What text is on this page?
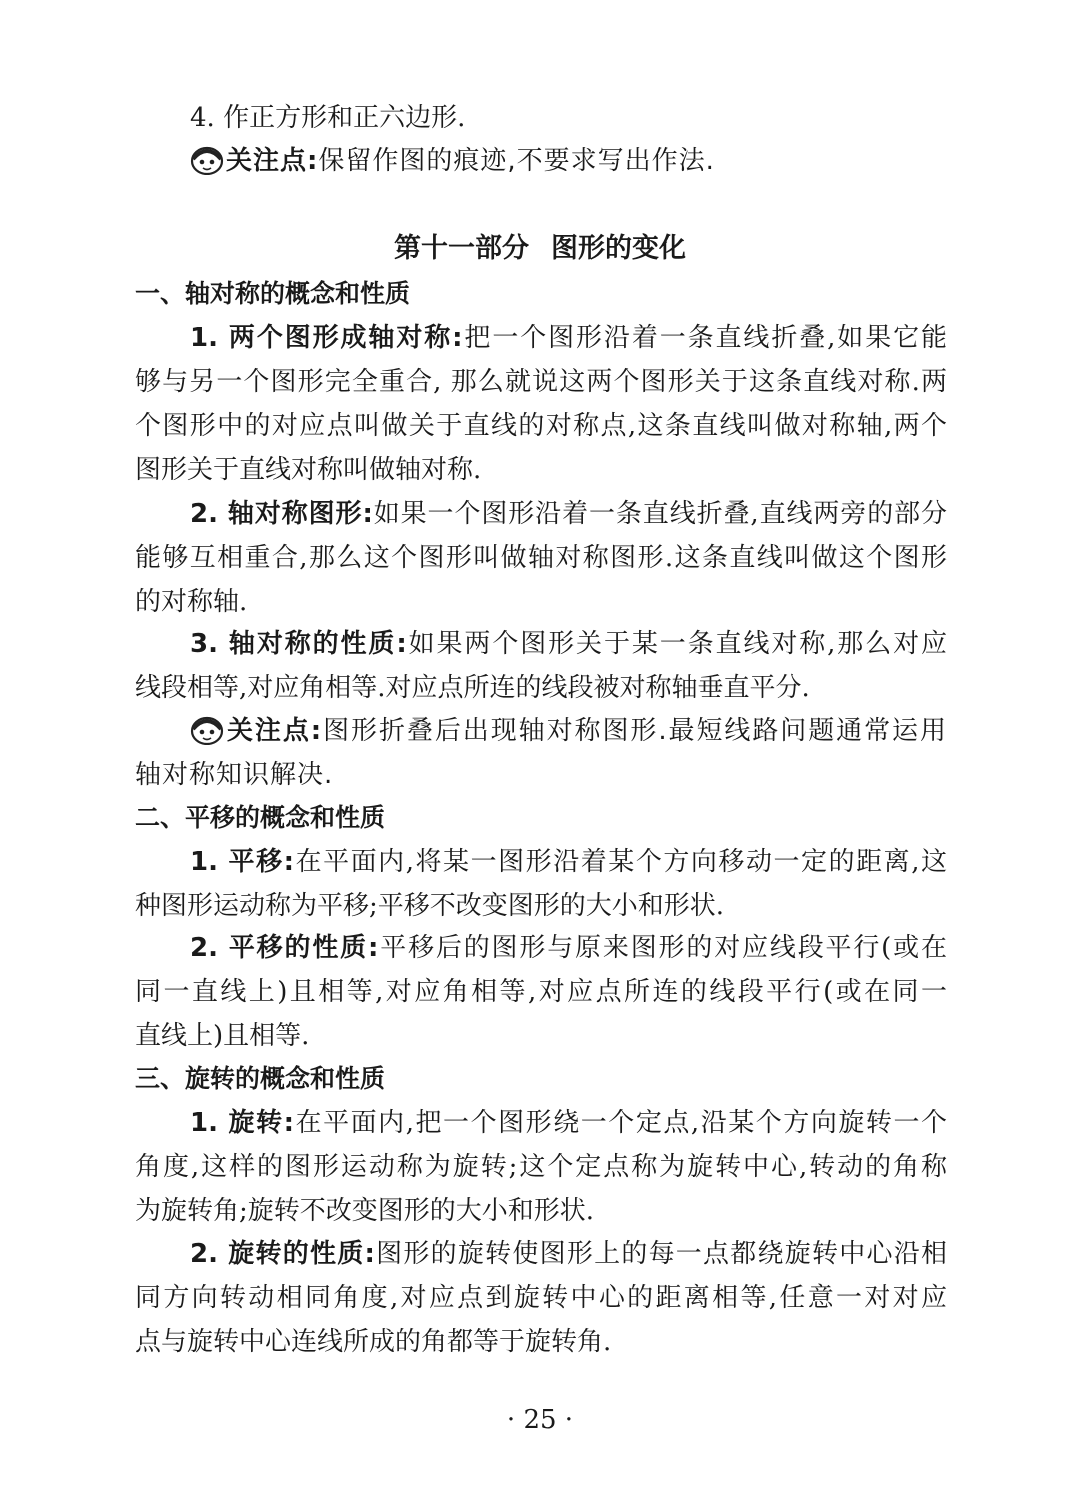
4. 作正方形和正六边形.
关注点:保留作图的痕迹,不要求写出作法.
第十一部分 图形的变化
一、轴对称的概念和性质
1. 两个图形成轴对称:把一个图形沿着一条直线折叠,如果它能
够与另一个图形完全重合, 那么就说这两个图形关于这条直线对称.两
个图形中的对应点叫做关于直线的对称点,这条直线叫做对称轴,两个
图形关于直线对称叫做轴对称.
2. 轴对称图形:如果一个图形沿着一条直线折叠,直线两旁的部分
能够互相重合,那么这个图形叫做轴对称图形.这条直线叫做这个图形
的对称轴.
3. 轴对称的性质:如果两个图形关于某一条直线对称,那么对应
线段相等,对应角相等.对应点所连的线段被对称轴垂直平分.
关注点:图形折叠后出现轴对称图形.最短线路问题通常运用
轴对称知识解决.
二、平移的概念和性质
1. 平移:在平面内,将某一图形沿着某个方向移动一定的距离,这
种图形运动称为平移;平移不改变图形的大小和形状.
2. 平移的性质:平移后的图形与原来图形的对应线段平行(或在
同一直线上)且相等,对应角相等,对应点所连的线段平行(或在同一
直线上)且相等.
三、旋转的概念和性质
1. 旋转:在平面内,把一个图形绕一个定点,沿某个方向旋转一个
角度,这样的图形运动称为旋转;这个定点称为旋转中心,转动的角称
为旋转角;旋转不改变图形的大小和形状.
2. 旋转的性质:图形的旋转使图形上的每一点都绕旋转中心沿相
同方向转动相同角度,对应点到旋转中心的距离相等,任意一对对应
点与旋转中心连线所成的角都等于旋转角.
· 25 ·
